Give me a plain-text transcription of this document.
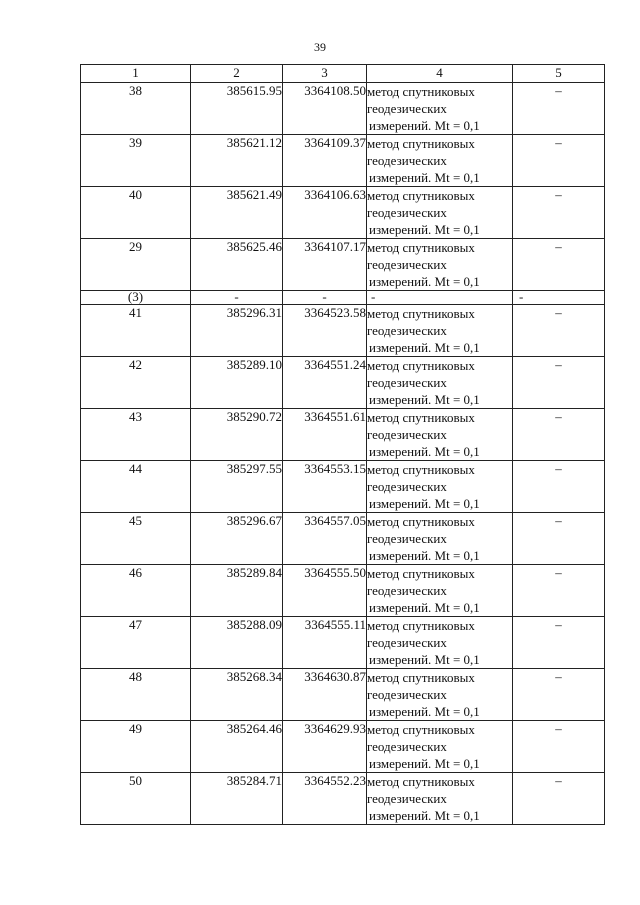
39
1	2	3	4	5
38	385615.95	3364108.50	метод спутниковых
геодезических
измерений. Mt = 0,1	–
39	385621.12	3364109.37	метод спутниковых
геодезических
измерений. Mt = 0,1	–
40	385621.49	3364106.63	метод спутниковых
геодезических
измерений. Mt = 0,1	–
29	385625.46	3364107.17	метод спутниковых
геодезических
измерений. Mt = 0,1	–
(3)	-	-	-	-
41	385296.31	3364523.58	метод спутниковых
геодезических
измерений. Mt = 0,1	–
42	385289.10	3364551.24	метод спутниковых
геодезических
измерений. Mt = 0,1	–
43	385290.72	3364551.61	метод спутниковых
геодезических
измерений. Mt = 0,1	–
44	385297.55	3364553.15	метод спутниковых
геодезических
измерений. Mt = 0,1	–
45	385296.67	3364557.05	метод спутниковых
геодезических
измерений. Mt = 0,1	–
46	385289.84	3364555.50	метод спутниковых
геодезических
измерений. Mt = 0,1	–
47	385288.09	3364555.11	метод спутниковых
геодезических
измерений. Mt = 0,1	–
48	385268.34	3364630.87	метод спутниковых
геодезических
измерений. Mt = 0,1	–
49	385264.46	3364629.93	метод спутниковых
геодезических
измерений. Mt = 0,1	–
50	385284.71	3364552.23	метод спутниковых
геодезических
измерений. Mt = 0,1	–
